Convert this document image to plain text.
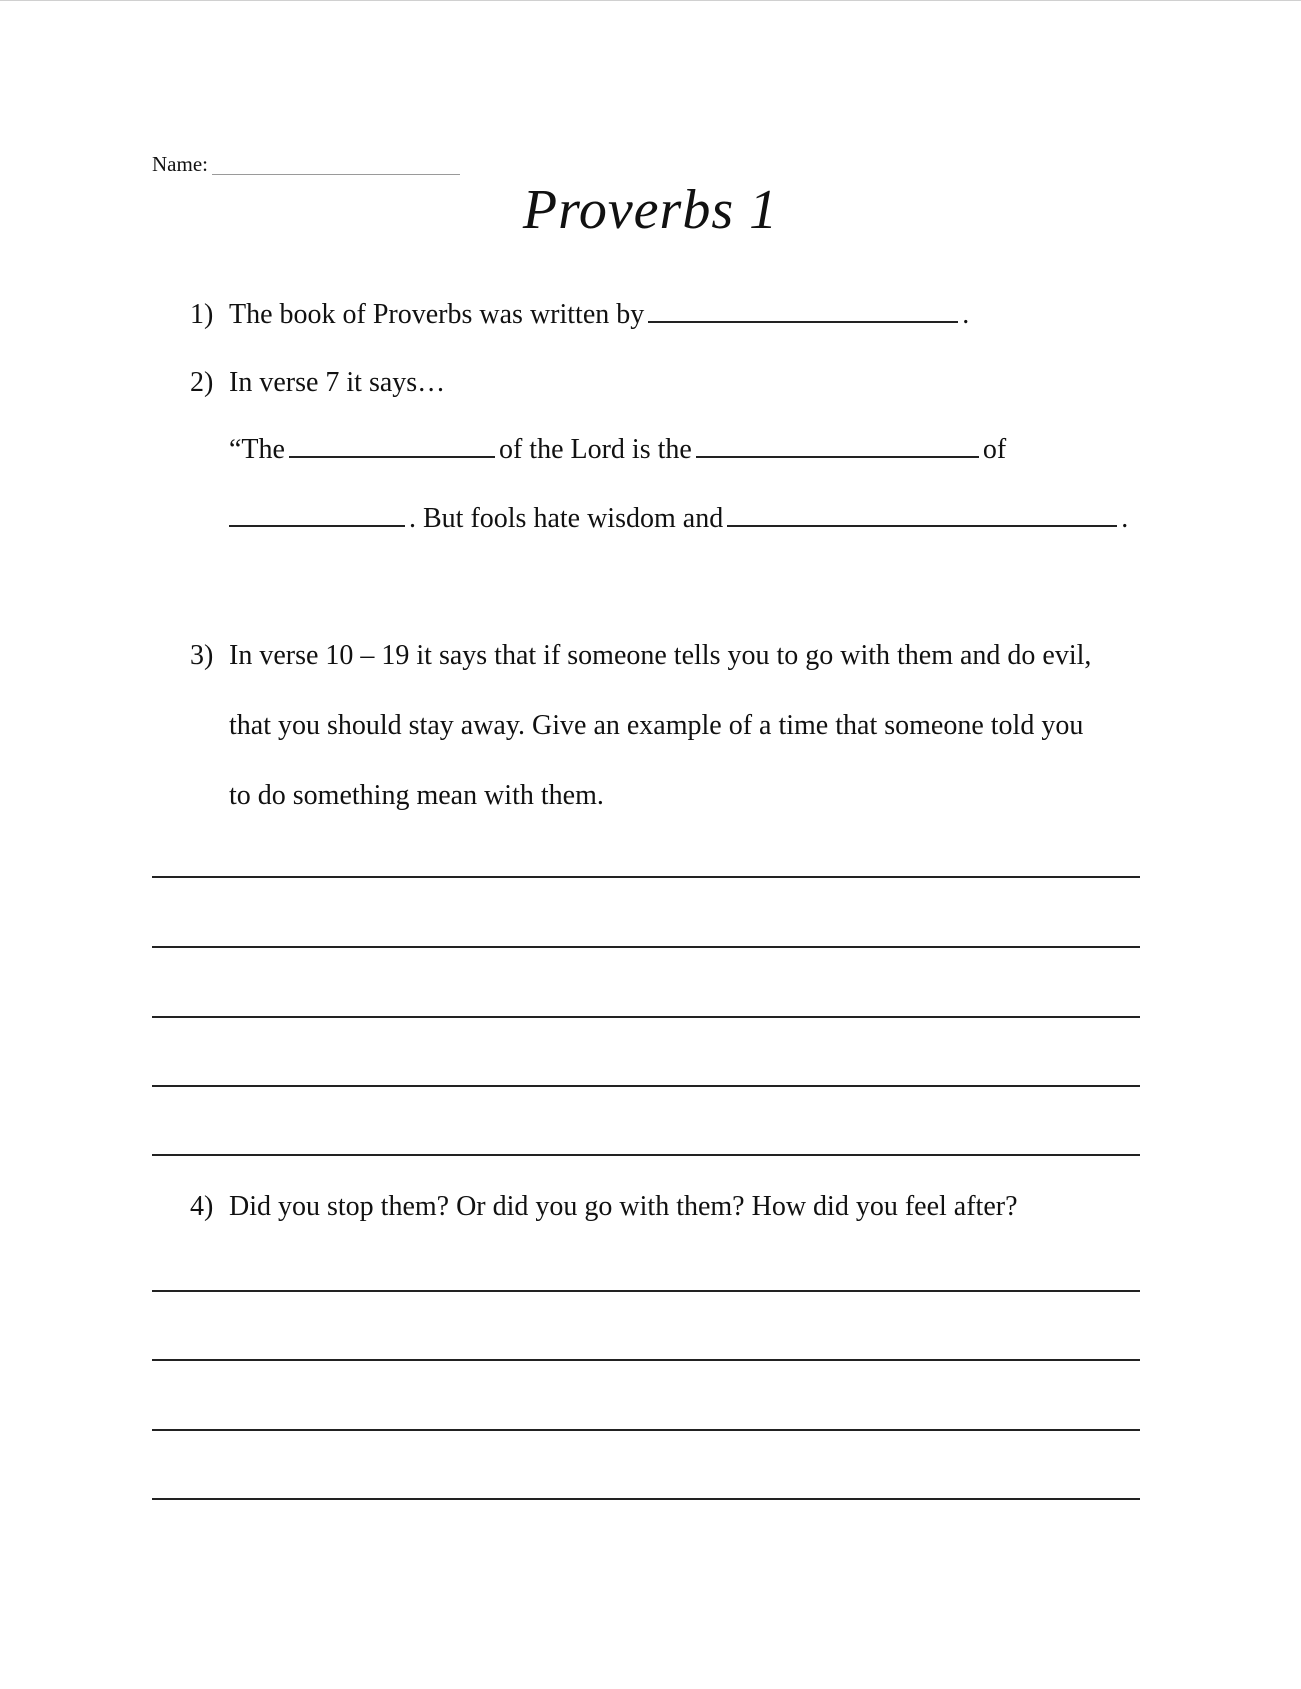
Name:
Proverbs 1
1) The book of Proverbs was written by	.
2) In verse 7 it says…
“The	of the Lord is the	of
. But fools hate wisdom and	.
3) In verse 10 – 19 it says that if someone tells you to go with them and do evil,
that you should stay away. Give an example of a time that someone told you
to do something mean with them.
4) Did you stop them? Or did you go with them? How did you feel after?
